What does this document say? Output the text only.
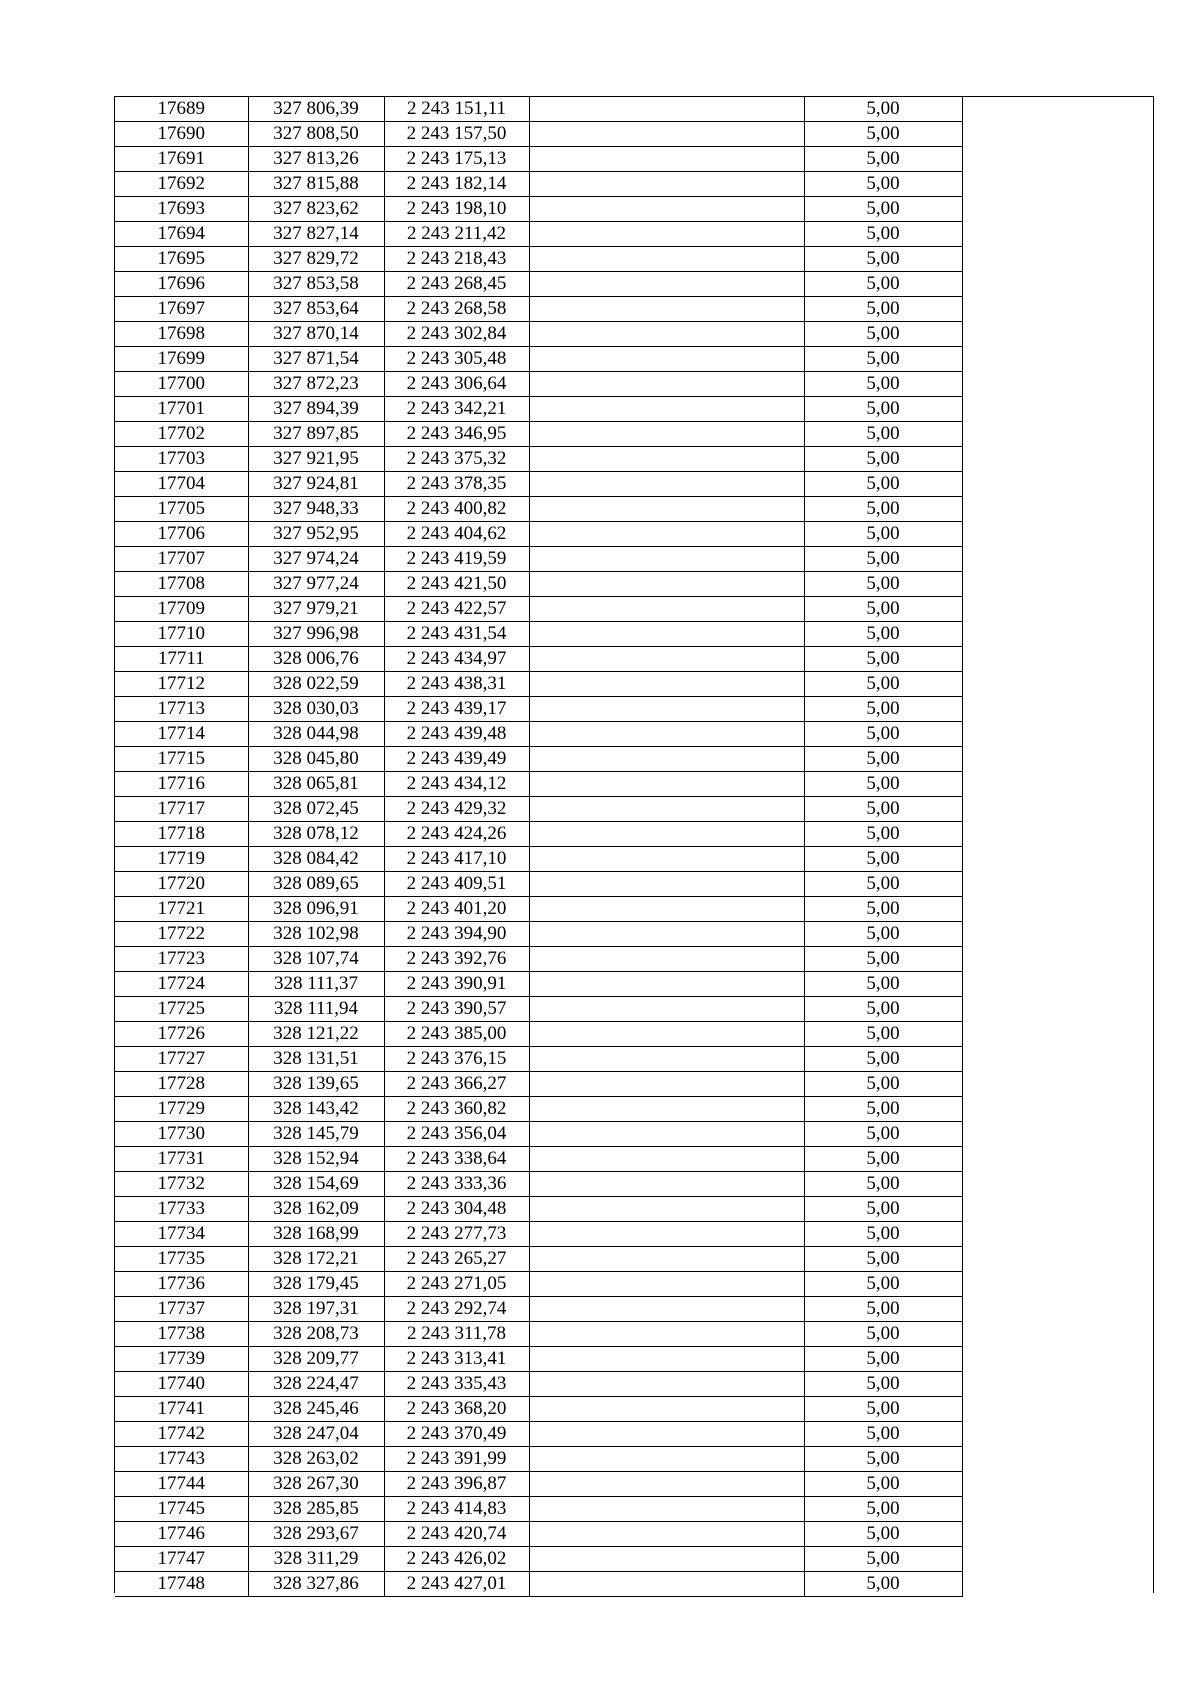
17689	327 806,39	2 243 151,11		5,00
17690	327 808,50	2 243 157,50		5,00
17691	327 813,26	2 243 175,13		5,00
17692	327 815,88	2 243 182,14		5,00
17693	327 823,62	2 243 198,10		5,00
17694	327 827,14	2 243 211,42		5,00
17695	327 829,72	2 243 218,43		5,00
17696	327 853,58	2 243 268,45		5,00
17697	327 853,64	2 243 268,58		5,00
17698	327 870,14	2 243 302,84		5,00
17699	327 871,54	2 243 305,48		5,00
17700	327 872,23	2 243 306,64		5,00
17701	327 894,39	2 243 342,21		5,00
17702	327 897,85	2 243 346,95		5,00
17703	327 921,95	2 243 375,32		5,00
17704	327 924,81	2 243 378,35		5,00
17705	327 948,33	2 243 400,82		5,00
17706	327 952,95	2 243 404,62		5,00
17707	327 974,24	2 243 419,59		5,00
17708	327 977,24	2 243 421,50		5,00
17709	327 979,21	2 243 422,57		5,00
17710	327 996,98	2 243 431,54		5,00
17711	328 006,76	2 243 434,97		5,00
17712	328 022,59	2 243 438,31		5,00
17713	328 030,03	2 243 439,17		5,00
17714	328 044,98	2 243 439,48		5,00
17715	328 045,80	2 243 439,49		5,00
17716	328 065,81	2 243 434,12		5,00
17717	328 072,45	2 243 429,32		5,00
17718	328 078,12	2 243 424,26		5,00
17719	328 084,42	2 243 417,10		5,00
17720	328 089,65	2 243 409,51		5,00
17721	328 096,91	2 243 401,20		5,00
17722	328 102,98	2 243 394,90		5,00
17723	328 107,74	2 243 392,76		5,00
17724	328 111,37	2 243 390,91		5,00
17725	328 111,94	2 243 390,57		5,00
17726	328 121,22	2 243 385,00		5,00
17727	328 131,51	2 243 376,15		5,00
17728	328 139,65	2 243 366,27		5,00
17729	328 143,42	2 243 360,82		5,00
17730	328 145,79	2 243 356,04		5,00
17731	328 152,94	2 243 338,64		5,00
17732	328 154,69	2 243 333,36		5,00
17733	328 162,09	2 243 304,48		5,00
17734	328 168,99	2 243 277,73		5,00
17735	328 172,21	2 243 265,27		5,00
17736	328 179,45	2 243 271,05		5,00
17737	328 197,31	2 243 292,74		5,00
17738	328 208,73	2 243 311,78		5,00
17739	328 209,77	2 243 313,41		5,00
17740	328 224,47	2 243 335,43		5,00
17741	328 245,46	2 243 368,20		5,00
17742	328 247,04	2 243 370,49		5,00
17743	328 263,02	2 243 391,99		5,00
17744	328 267,30	2 243 396,87		5,00
17745	328 285,85	2 243 414,83		5,00
17746	328 293,67	2 243 420,74		5,00
17747	328 311,29	2 243 426,02		5,00
17748	328 327,86	2 243 427,01		5,00
